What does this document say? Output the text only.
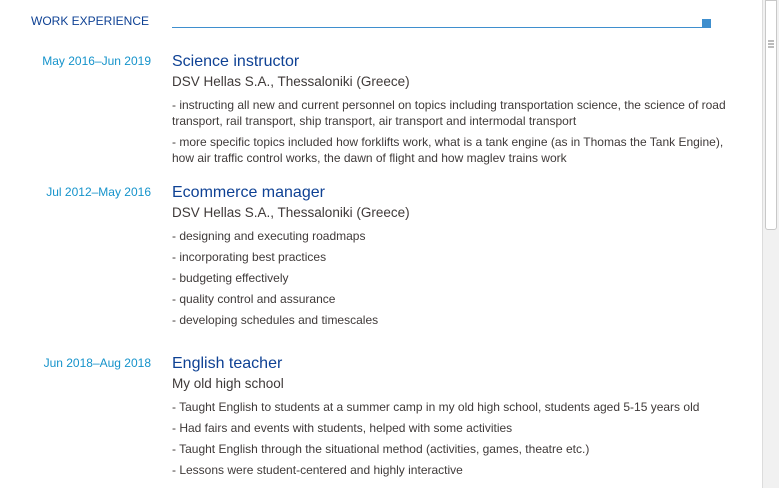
WORK EXPERIENCE
May 2016–Jun 2019 Science instructor

DSV Hellas S.A., Thessaloniki (Greece)

- instructing all new and current personnel on topics including transportation science, the science of road transport, rail transport, ship transport, air transport and intermodal transport

- more specific topics included how forklifts work, what is a tank engine (as in Thomas the Tank Engine), how air traffic control works, the dawn of flight and how maglev trains work

Jul 2012–May 2016 Ecommerce manager

DSV Hellas S.A., Thessaloniki (Greece)

- designing and executing roadmaps

- incorporating best practices

- budgeting effectively

- quality control and assurance

- developing schedules and timescales

Jun 2018–Aug 2018 English teacher

My old high school

- Taught English to students at a summer camp in my old high school, students aged 5-15 years old

- Had fairs and events with students, helped with some activities

- Taught English through the situational method (activities, games, theatre etc.)

- Lessons were student-centered and highly interactive
